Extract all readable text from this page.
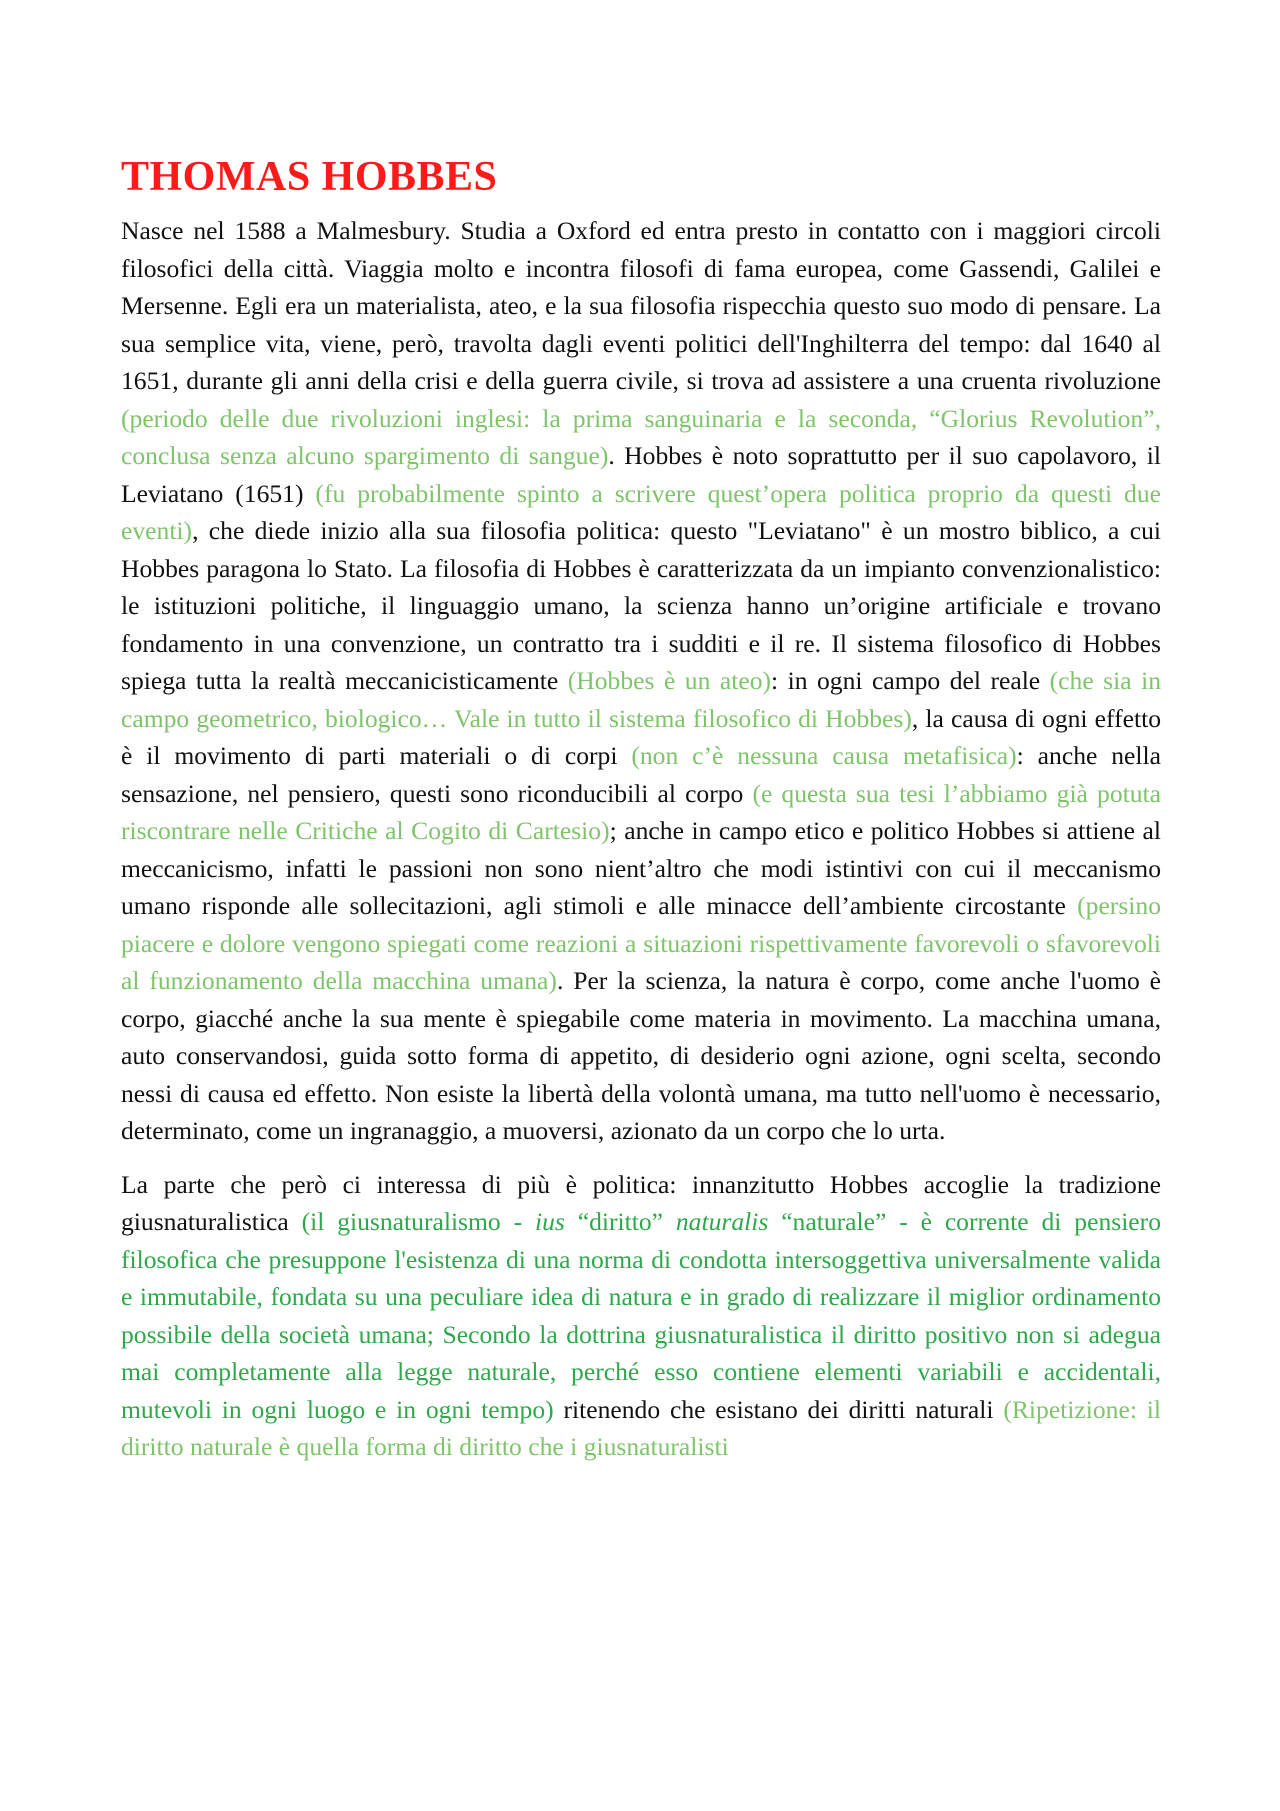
THOMAS HOBBES

Nasce nel 1588 a Malmesbury. Studia a Oxford ed entra presto in contatto con i maggiori circoli filosofici della città. Viaggia molto e incontra filosofi di fama europea, come Gassendi, Galilei e Mersenne. Egli era un materialista, ateo, e la sua filosofia rispecchia questo suo modo di pensare. La sua semplice vita, viene, però, travolta dagli eventi politici dell'Inghilterra del tempo: dal 1640 al 1651, durante gli anni della crisi e della guerra civile, si trova ad assistere a una cruenta rivoluzione (periodo delle due rivoluzioni inglesi: la prima sanguinaria e la seconda, “Glorius Revolution”, conclusa senza alcuno spargimento di sangue). Hobbes è noto soprattutto per il suo capolavoro, il Leviatano (1651) (fu probabilmente spinto a scrivere quest’opera politica proprio da questi due eventi), che diede inizio alla sua filosofia politica: questo "Leviatano" è un mostro biblico, a cui Hobbes paragona lo Stato. La filosofia di Hobbes è caratterizzata da un impianto convenzionalistico: le istituzioni politiche, il linguaggio umano, la scienza hanno un’origine artificiale e trovano fondamento in una convenzione, un contratto tra i sudditi e il re. Il sistema filosofico di Hobbes spiega tutta la realtà meccanicisticamente (Hobbes è un ateo): in ogni campo del reale (che sia in campo geometrico, biologico… Vale in tutto il sistema filosofico di Hobbes), la causa di ogni effetto è il movimento di parti materiali o di corpi (non c’è nessuna causa metafisica): anche nella sensazione, nel pensiero, questi sono riconducibili al corpo (e questa sua tesi l’abbiamo già potuta riscontrare nelle Critiche al Cogito di Cartesio); anche in campo etico e politico Hobbes si attiene al meccanicismo, infatti le passioni non sono nient’altro che modi istintivi con cui il meccanismo umano risponde alle sollecitazioni, agli stimoli e alle minacce dell’ambiente circostante (persino piacere e dolore vengono spiegati come reazioni a situazioni rispettivamente favorevoli o sfavorevoli al funzionamento della macchina umana). Per la scienza, la natura è corpo, come anche l'uomo è corpo, giacché anche la sua mente è spiegabile come materia in movimento. La macchina umana, auto conservandosi, guida sotto forma di appetito, di desiderio ogni azione, ogni scelta, secondo nessi di causa ed effetto. Non esiste la libertà della volontà umana, ma tutto nell'uomo è necessario, determinato, come un ingranaggio, a muoversi, azionato da un corpo che lo urta.

La parte che però ci interessa di più è politica: innanzitutto Hobbes accoglie la tradizione giusnaturalistica (il giusnaturalismo - ius “diritto” naturalis “naturale” - è corrente di pensiero filosofica che presuppone l'esistenza di una norma di condotta intersoggettiva universalmente valida e immutabile, fondata su una peculiare idea di natura e in grado di realizzare il miglior ordinamento possibile della società umana; Secondo la dottrina giusnaturalistica il diritto positivo non si adegua mai completamente alla legge naturale, perché esso contiene elementi variabili e accidentali, mutevoli in ogni luogo e in ogni tempo) ritenendo che esistano dei diritti naturali (Ripetizione: il diritto naturale è quella forma di diritto che i giusnaturalisti
